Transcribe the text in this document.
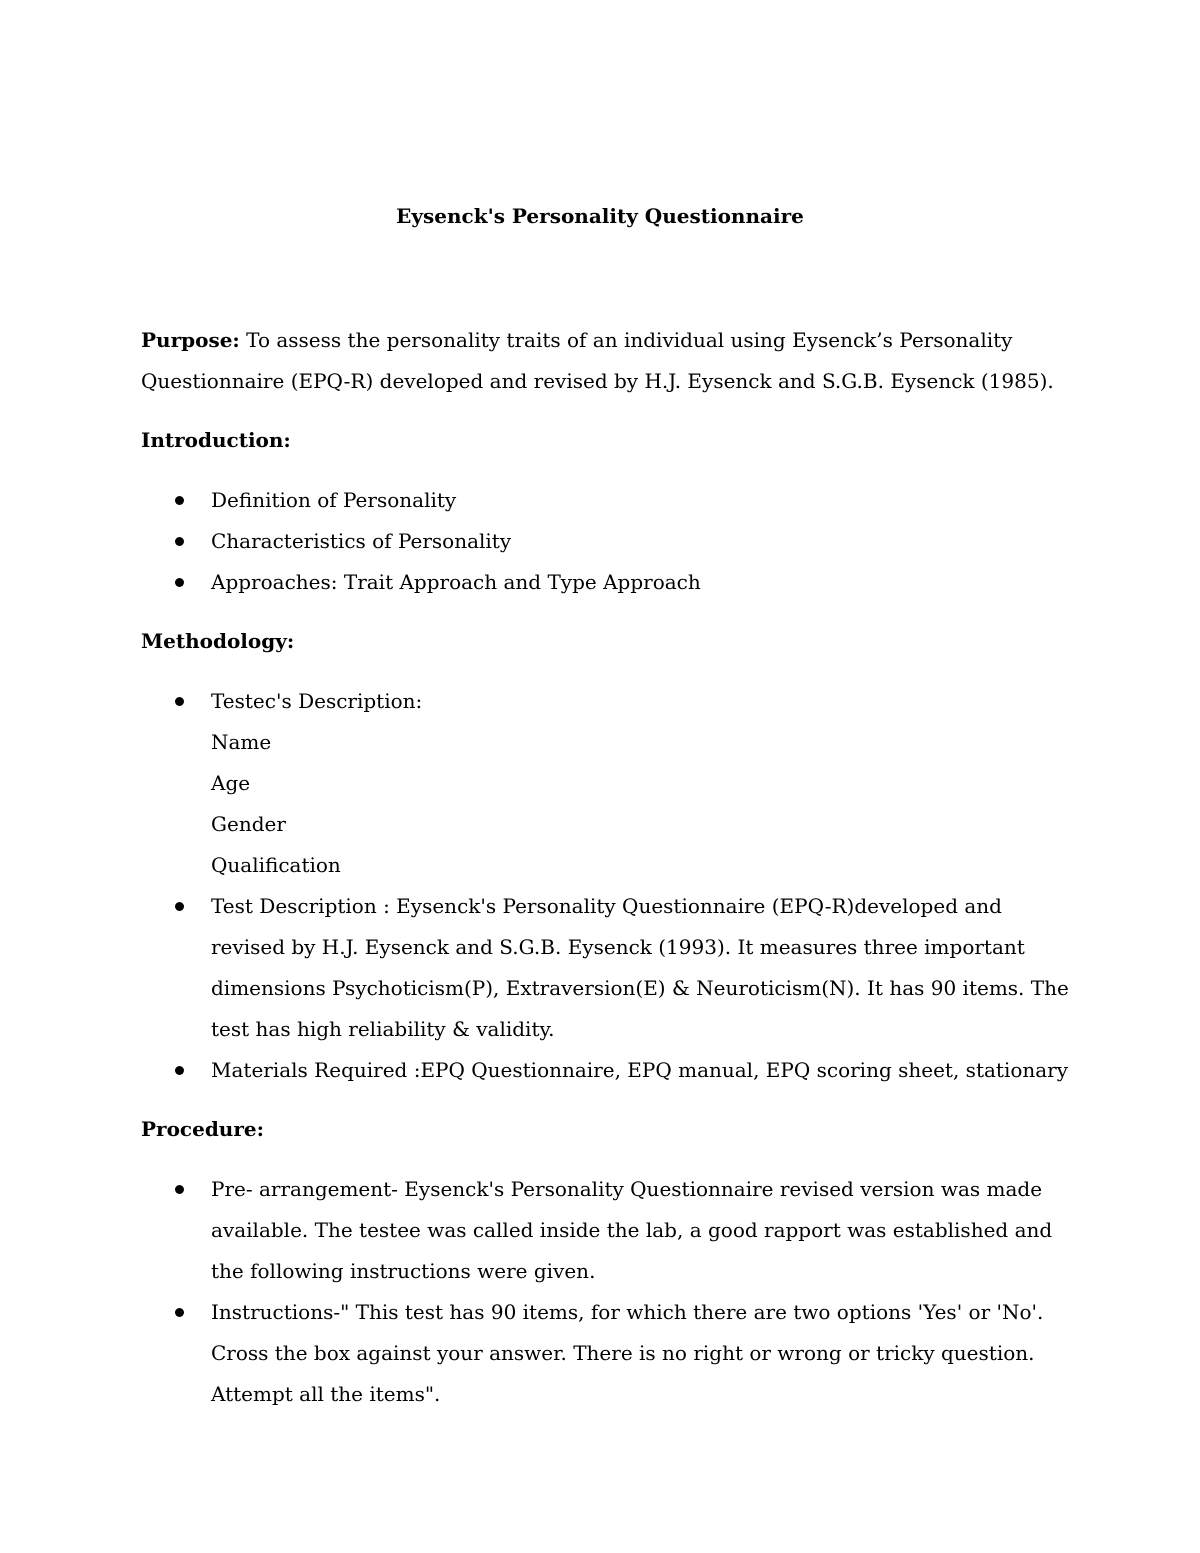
Eysenck's Personality Questionnaire

Purpose: To assess the personality traits of an individual using Eysenck’s Personality Questionnaire (EPQ-R) developed and revised by H.J. Eysenck and S.G.B. Eysenck (1985).

Introduction:
Definition of Personality
Characteristics of Personality
Approaches: Trait Approach and Type Approach
Methodology:
Testec's Description:
Name
Age
Gender
Qualification
Test Description : Eysenck's Personality Questionnaire (EPQ-R)developed and revised by H.J. Eysenck and S.G.B. Eysenck (1993). It measures three important dimensions Psychoticism(P), Extraversion(E) & Neuroticism(N). It has 90 items. The test has high reliability & validity.
Materials Required :EPQ Questionnaire, EPQ manual, EPQ scoring sheet, stationary
Procedure:
Pre- arrangement- Eysenck's Personality Questionnaire revised version was made available. The testee was called inside the lab, a good rapport was established and the following instructions were given.
Instructions-" This test has 90 items, for which there are two options 'Yes' or 'No'. Cross the box against your answer. There is no right or wrong or tricky question. Attempt all the items".
